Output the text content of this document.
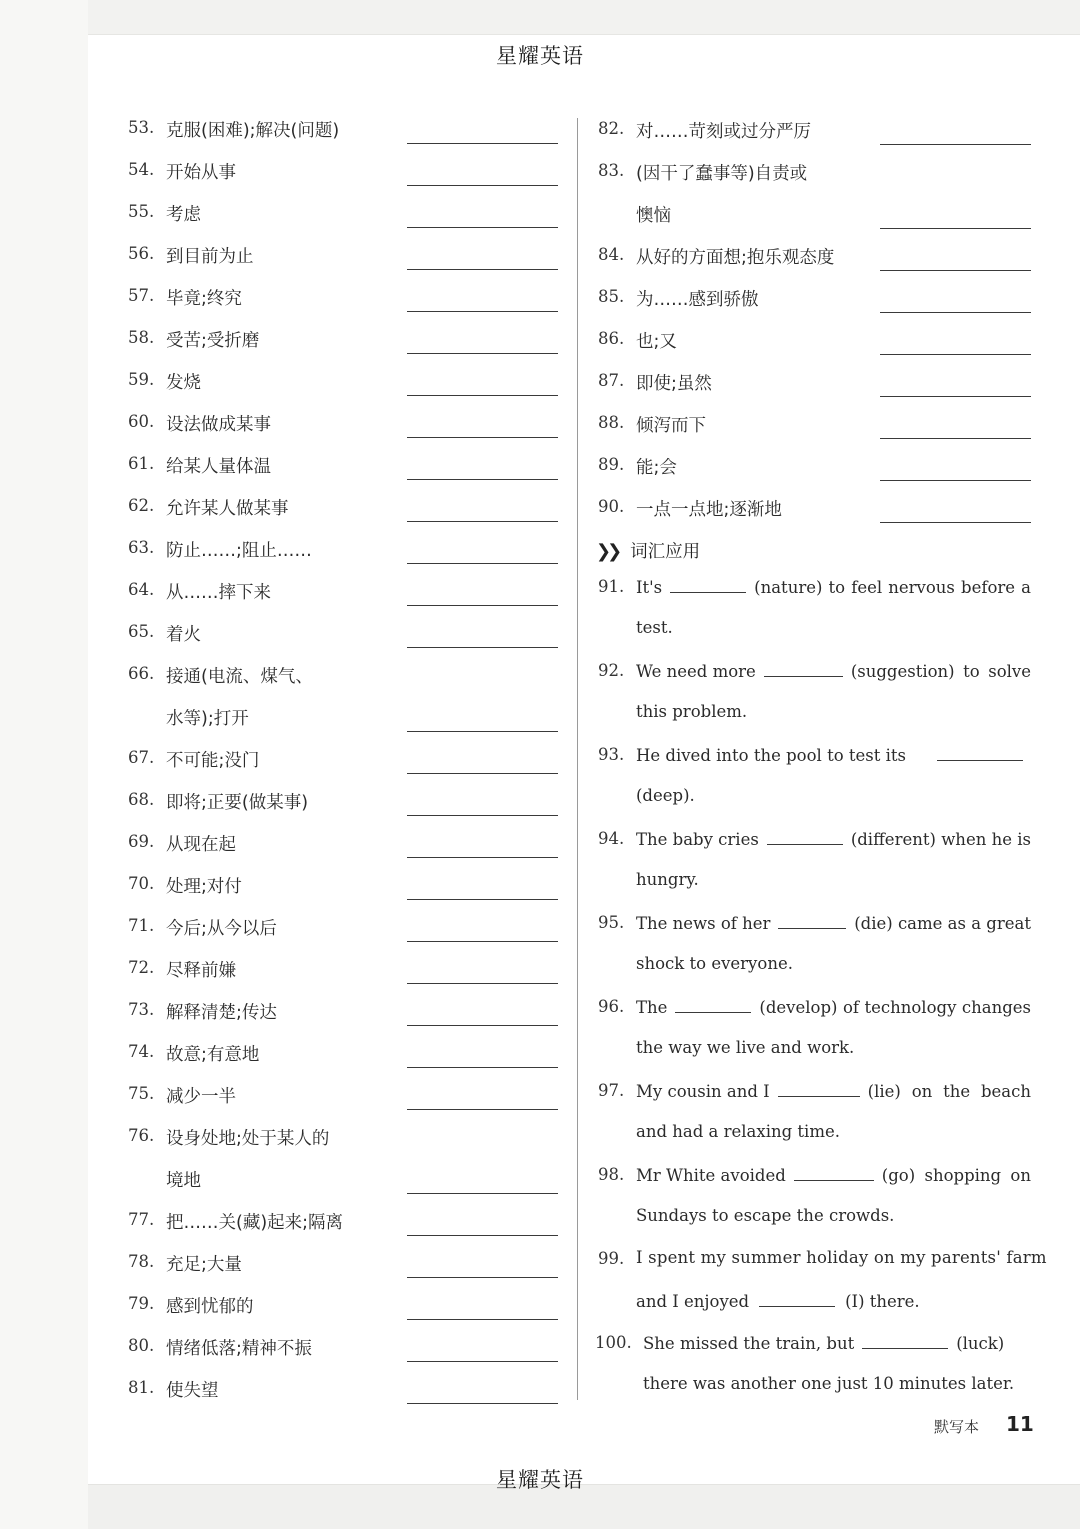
星耀英语
星耀英语
53. 克服(困难);解决(问题)
54. 开始从事
55. 考虑
56. 到目前为止
57. 毕竟;终究
58. 受苦;受折磨
59. 发烧
60. 设法做成某事
61. 给某人量体温
62. 允许某人做某事
63. 防止……;阻止……
64. 从……摔下来
65. 着火
66. 接通(电流、煤气、
水等);打开
67. 不可能;没门
68. 即将;正要(做某事)
69. 从现在起
70. 处理;对付
71. 今后;从今以后
72. 尽释前嫌
73. 解释清楚;传达
74. 故意;有意地
75. 减少一半
76. 设身处地;处于某人的
境地
77. 把……关(藏)起来;隔离
78. 充足;大量
79. 感到忧郁的
80. 情绪低落;精神不振
81. 使失望
82. 对……苛刻或过分严厉
83. (因干了蠢事等)自责或
懊恼
84. 从好的方面想;抱乐观态度
85. 为……感到骄傲
86. 也;又
87. 即使;虽然
88. 倾泻而下
89. 能;会
90. 一点一点地;逐渐地
❯❯ 词汇应用
91. It's	(nature) to feel nervous before a
test.
92. We need more	(suggestion) to solve
this problem.
93. He dived into the pool to test its
(deep).
94. The baby cries	(different) when he is
hungry.
95. The news of her	(die) came as a great
shock to everyone.
96. The	(develop) of technology changes
the way we live and work.
97. My cousin and I	(lie) on the beach
and had a relaxing time.
98. Mr White avoided	(go) shopping on
Sundays to escape the crowds.
99. I spent my summer holiday on my parents' farm
and I enjoyed	(I) there.
100. She missed the train, but	(luck)
there was another one just 10 minutes later.
默写本 11
